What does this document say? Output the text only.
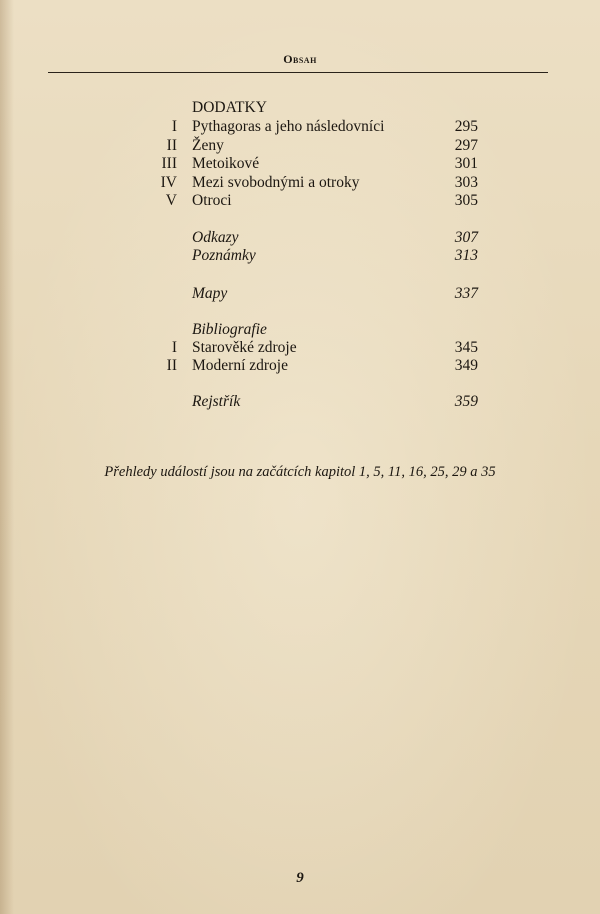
Obsah
DODATKY
I Pythagoras a jeho následovníci	295
II Ženy	297
III Metoikové	301
IV Mezi svobodnými a otroky	303
V Otroci	305
Odkazy	307
Poznámky	313
Mapy	337
Bibliografie
I Starověké zdroje	345
II Moderní zdroje	349
Rejstřík	359
Přehledy událostí jsou na začátcích kapitol 1, 5, 11, 16, 25, 29 a 35
9
